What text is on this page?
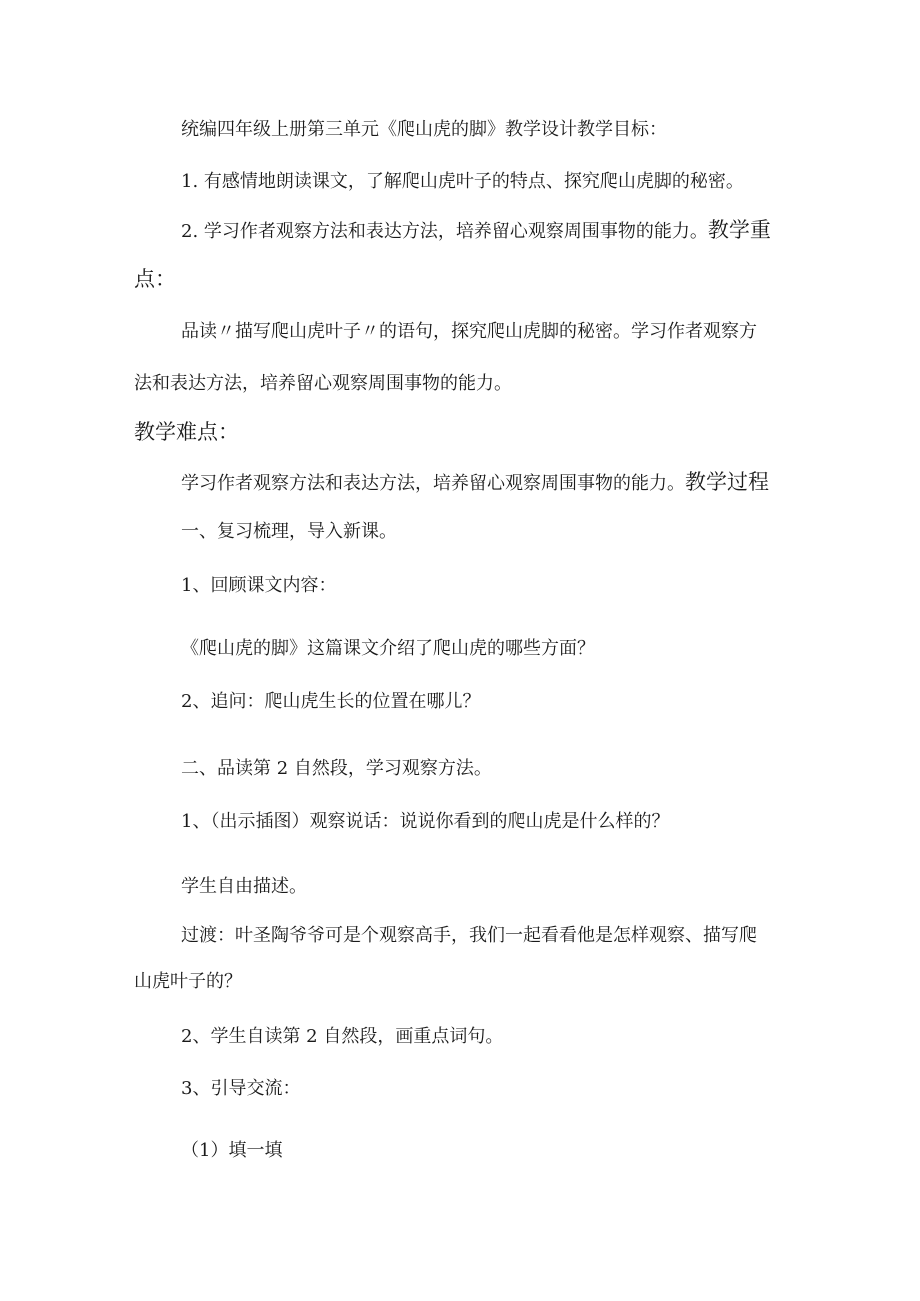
统编四年级上册第三单元《爬山虎的脚》教学设计教学目标：

1. 有感情地朗读课文，了解爬山虎叶子的特点、探究爬山虎脚的秘密。

2. 学习作者观察方法和表达方法，培养留心观察周围事物的能力。教学重

点：

品读〃描写爬山虎叶子〃的语句，探究爬山虎脚的秘密。学习作者观察方

法和表达方法，培养留心观察周围事物的能力。

教学难点：

学习作者观察方法和表达方法，培养留心观察周围事物的能力。教学过程

一、复习梳理，导入新课。

1、回顾课文内容：

《爬山虎的脚》这篇课文介绍了爬山虎的哪些方面？

2、追问：爬山虎生长的位置在哪儿？

二、品读第 2 自然段，学习观察方法。

1、（出示插图）观察说话：说说你看到的爬山虎是什么样的？

学生自由描述。

过渡：叶圣陶爷爷可是个观察高手，我们一起看看他是怎样观察、描写爬

山虎叶子的？

2、学生自读第 2 自然段，画重点词句。

3、引导交流：

（1）填一填
